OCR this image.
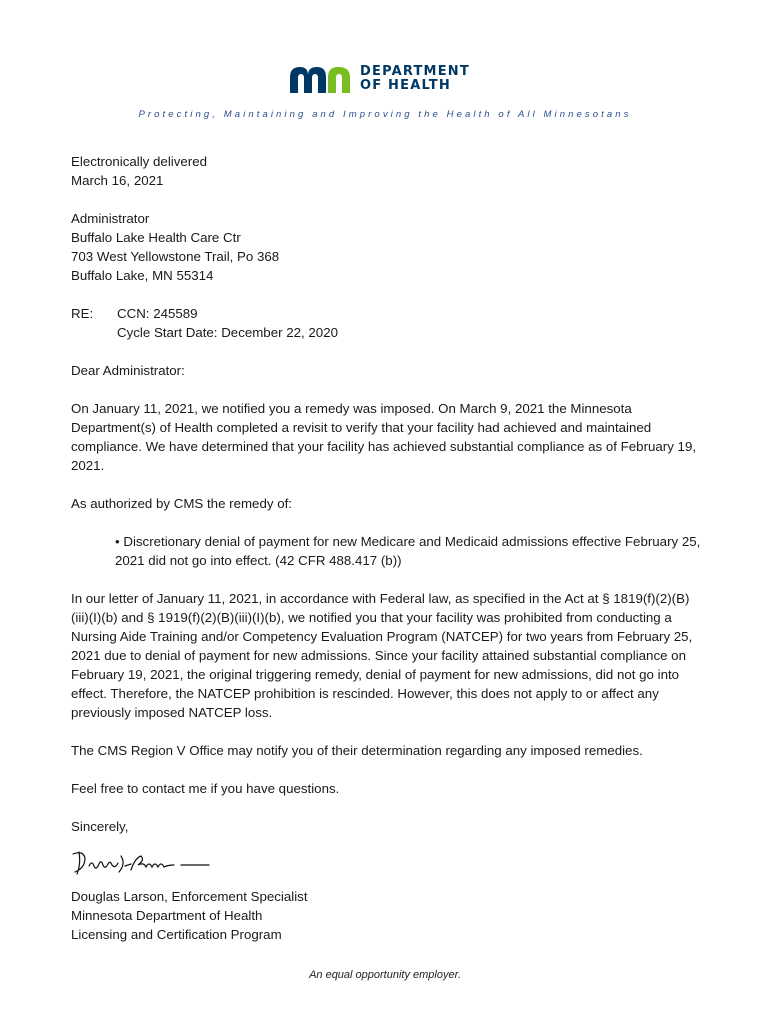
DEPARTMENT
OF HEALTH
Protecting, Maintaining and Improving the Health of All Minnesotans

Electronically delivered

March 16, 2021

Administrator

Buffalo Lake Health Care Ctr

703 West Yellowstone Trail, Po 368

Buffalo Lake, MN 55314

RE:	CCN: 245589

Cycle Start Date: December 22, 2020

Dear Administrator:

On January 11, 2021, we notified you a remedy was imposed. On March 9, 2021 the Minnesota Department(s) of Health completed a revisit to verify that your facility had achieved and maintained compliance. We have determined that your facility has achieved substantial compliance as of February 19, 2021.

As authorized by CMS the remedy of:

• Discretionary denial of payment for new Medicare and Medicaid admissions effective February 25, 2021 did not go into effect. (42 CFR 488.417 (b))

In our letter of January 11, 2021, in accordance with Federal law, as specified in the Act at § 1819(f)(2)(B)(iii)(I)(b) and § 1919(f)(2)(B)(iii)(I)(b), we notified you that your facility was prohibited from conducting a Nursing Aide Training and/or Competency Evaluation Program (NATCEP) for two years from February 25, 2021 due to denial of payment for new admissions. Since your facility attained substantial compliance on February 19, 2021, the original triggering remedy, denial of payment for new admissions, did not go into effect. Therefore, the NATCEP prohibition is rescinded. However, this does not apply to or affect any previously imposed NATCEP loss.

The CMS Region V Office may notify you of their determination regarding any imposed remedies.

Feel free to contact me if you have questions.

Sincerely,

Douglas Larson, Enforcement Specialist

Minnesota Department of Health

Licensing and Certification Program

An equal opportunity employer.
